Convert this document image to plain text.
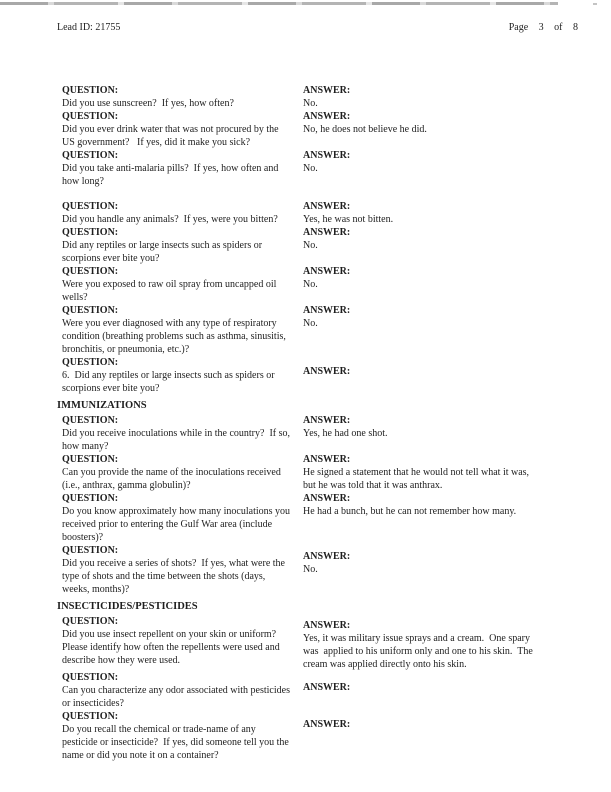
Lead ID: 21755	Page 3 of 8
QUESTION:
Did you use sunscreen?  If yes, how often?
ANSWER:
No.
QUESTION:
Did you ever drink water that was not procured by the
US government?   If yes, did it make you sick?
ANSWER:
No, he does not believe he did.
QUESTION:
Did you take anti-malaria pills?  If yes, how often and
how long?
ANSWER:
No.
QUESTION:
Did you handle any animals?  If yes, were you bitten?
ANSWER:
Yes, he was not bitten.
QUESTION:
Did any reptiles or large insects such as spiders or
scorpions ever bite you?
ANSWER:
No.
QUESTION:
Were you exposed to raw oil spray from uncapped oil
wells?
ANSWER:
No.
QUESTION:
Were you ever diagnosed with any type of respiratory
condition (breathing problems such as asthma, sinusitis,
bronchitis, or pneumonia, etc.)?
ANSWER:
No.
QUESTION:
6.  Did any reptiles or large insects such as spiders or
scorpions ever bite you?
ANSWER:
IMMUNIZATIONS
QUESTION:
Did you receive inoculations while in the country?  If so,
how many?
ANSWER:
Yes, he had one shot.
QUESTION:
Can you provide the name of the inoculations received
(i.e., anthrax, gamma globulin)?
ANSWER:
He signed a statement that he would not tell what it was,
but he was told that it was anthrax.
QUESTION:
Do you know approximately how many inoculations you
received prior to entering the Gulf War area (include
boosters)?
ANSWER:
He had a bunch, but he can not remember how many.
QUESTION:
Did you receive a series of shots?  If yes, what were the
type of shots and the time between the shots (days,
weeks, months)?
ANSWER:
No.
INSECTICIDES/PESTICIDES
QUESTION:
Did you use insect repellent on your skin or uniform?
Please identify how often the repellents were used and
describe how they were used.
ANSWER:
Yes, it was military issue sprays and a cream.  One spary
was  applied to his uniform only and one to his skin.  The
cream was applied directly onto his skin.
QUESTION:
Can you characterize any odor associated with pesticides
or insecticides?
ANSWER:
QUESTION:
Do you recall the chemical or trade-name of any
pesticide or insecticide?  If yes, did someone tell you the
name or did you note it on a container?
ANSWER:
